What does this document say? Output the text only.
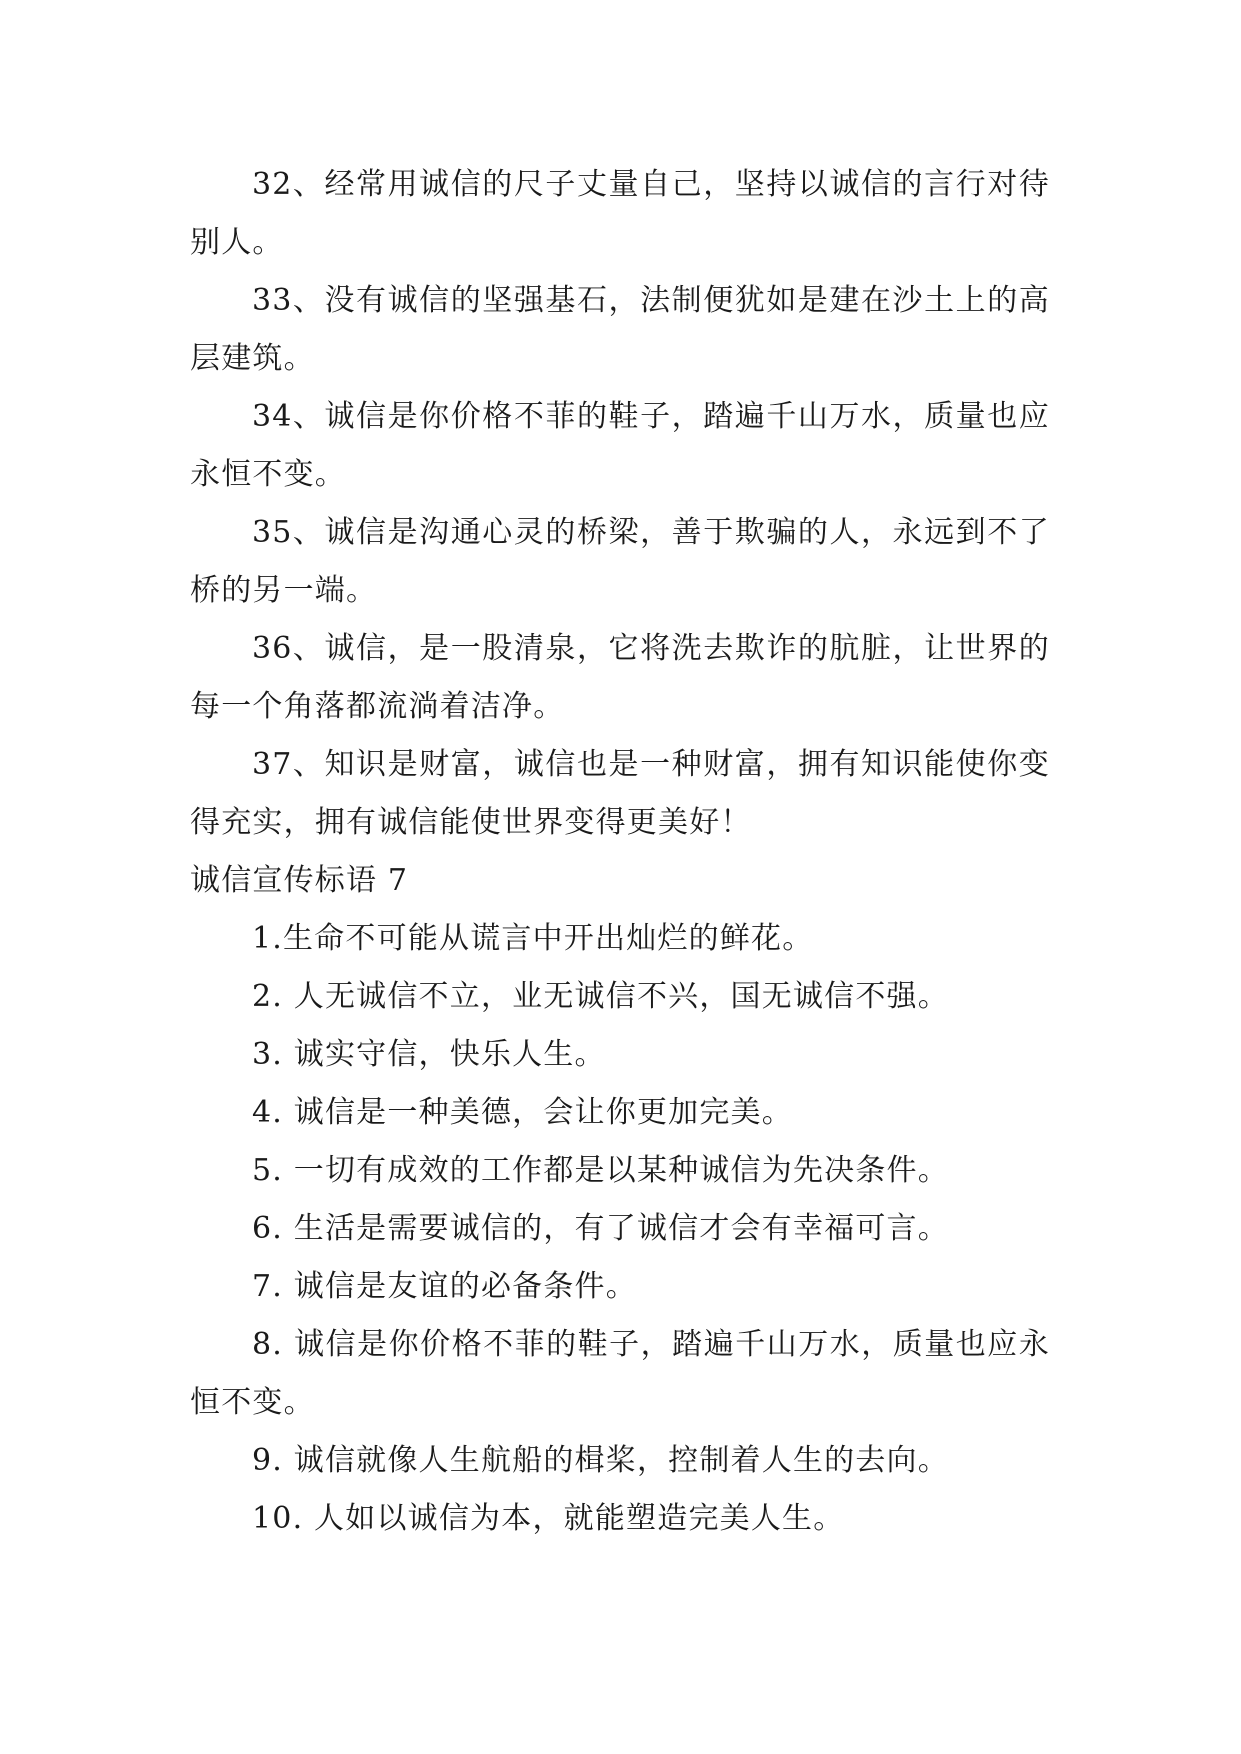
32、经常用诚信的尺子丈量自己，坚持以诚信的言行对待别人。

33、没有诚信的坚强基石，法制便犹如是建在沙土上的高层建筑。

34、诚信是你价格不菲的鞋子，踏遍千山万水，质量也应永恒不变。

35、诚信是沟通心灵的桥梁，善于欺骗的人，永远到不了桥的另一端。

36、诚信，是一股清泉，它将洗去欺诈的肮脏，让世界的每一个角落都流淌着洁净。

37、知识是财富，诚信也是一种财富，拥有知识能使你变得充实，拥有诚信能使世界变得更美好！

诚信宣传标语 7

1.生命不可能从谎言中开出灿烂的鲜花。

2. 人无诚信不立，业无诚信不兴，国无诚信不强。

3. 诚实守信，快乐人生。

4. 诚信是一种美德，会让你更加完美。

5. 一切有成效的工作都是以某种诚信为先决条件。

6. 生活是需要诚信的，有了诚信才会有幸福可言。

7. 诚信是友谊的必备条件。

8. 诚信是你价格不菲的鞋子，踏遍千山万水，质量也应永恒不变。

9. 诚信就像人生航船的楫桨，控制着人生的去向。

10. 人如以诚信为本，就能塑造完美人生。
